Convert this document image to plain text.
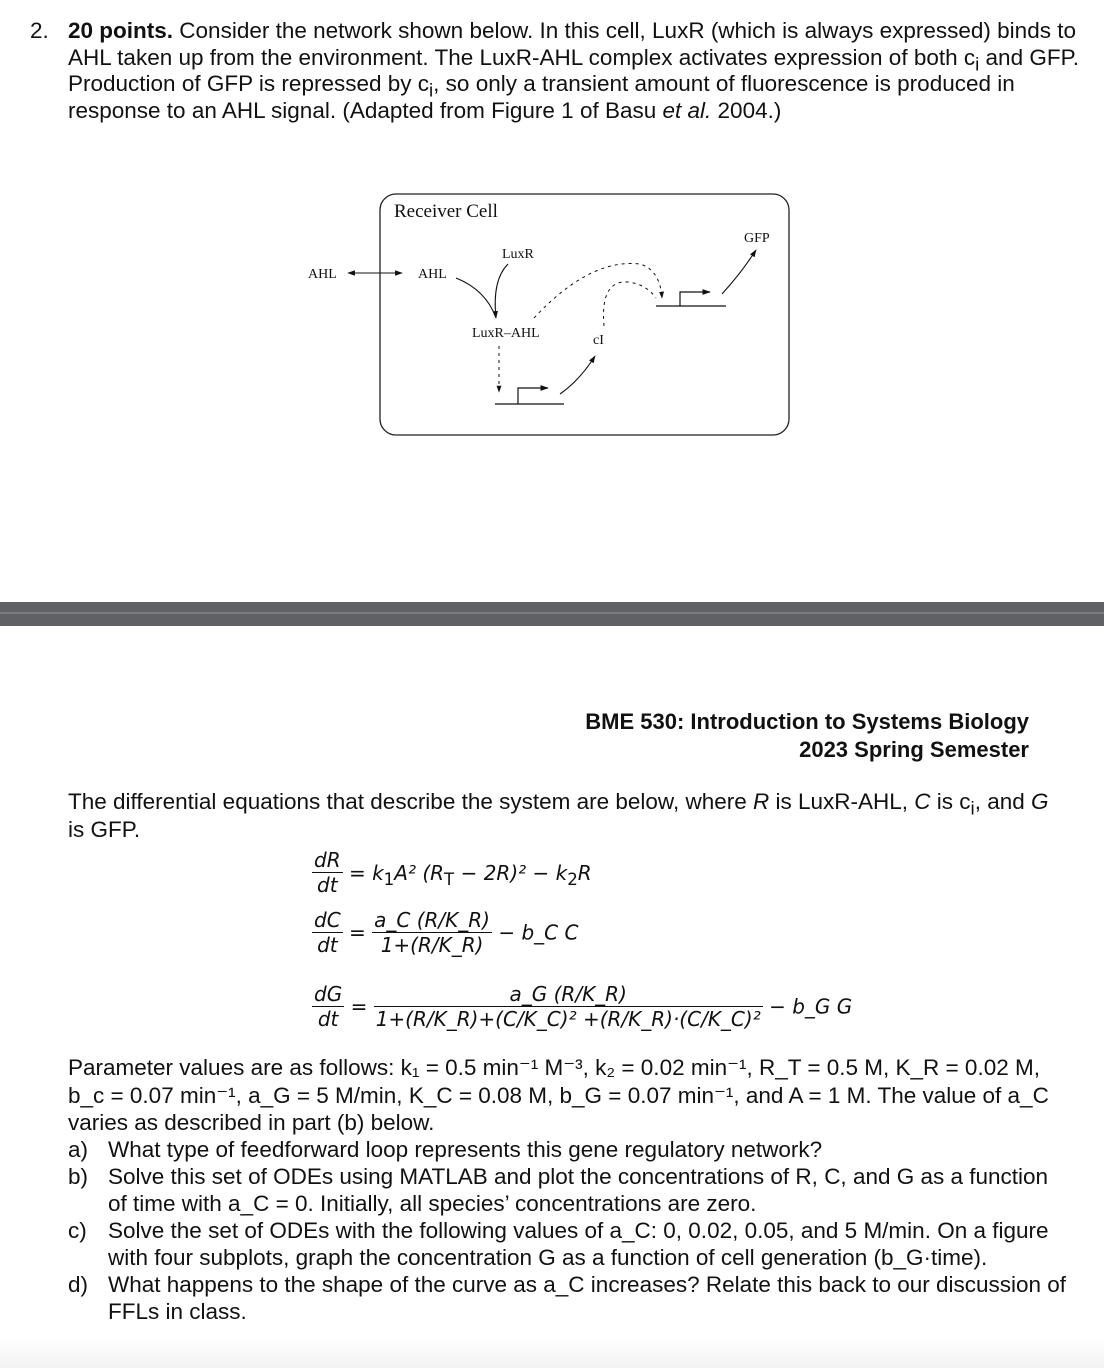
2. 20 points. Consider the network shown below. In this cell, LuxR (which is always expressed) binds to AHL taken up from the environment. The LuxR-AHL complex activates expression of both $c_i$ and GFP. Production of GFP is repressed by $c_i$, so only a transient amount of fluorescence is produced in response to an AHL signal. (Adapted from Figure 1 of Basu et al. 2004.)
Receiver Cell
AHL	AHL
LuxR
LuxR–AHL	cI
GFP
BME 530: Introduction to Systems Biology
2023 Spring Semester
The differential equations that describe the system are below, where R is LuxR-AHL, C is $c_i$, and G is GFP.
$\frac{dR}{dt} = k_1A^2$ $(R_T - 2R)^2 - k_2R$
$\frac{dC}{dt} = \frac{a\_C (R/K\_R)}{1+(R/K\_R)}$ − b_C C
$\frac{dG}{dt} = \frac{a\_G (R/K\_R)}{\text{1+(R/K\_R)+(C/K\_C)² +(R/K\_R)·(C/K\_C)²}}$ − b_G G
Parameter values are as follows: k₁ = 0.5 min⁻¹ M⁻³, k₂ = 0.02 min⁻¹, R_T = 0.5 M, K_R = 0.02 M, b_c = 0.07 min⁻¹, a_G = 5 M/min, K_C = 0.08 M, b_G = 0.07 min⁻¹, and A = 1 M. The value of a_C varies as described in part (b) below.
a) What type of feedforward loop represents this gene regulatory network?
b) Solve this set of ODEs using MATLAB and plot the concentrations of R, C, and G as a function of time with a_C = 0. Initially, all species’ concentrations are zero.
c) Solve the set of ODEs with the following values of a_C: 0, 0.02, 0.05, and 5 M/min. On a figure with four subplots, graph the concentration G as a function of cell generation (b_G·time).
d) What happens to the shape of the curve as a_C increases? Relate this back to our discussion of FFLs in class.
